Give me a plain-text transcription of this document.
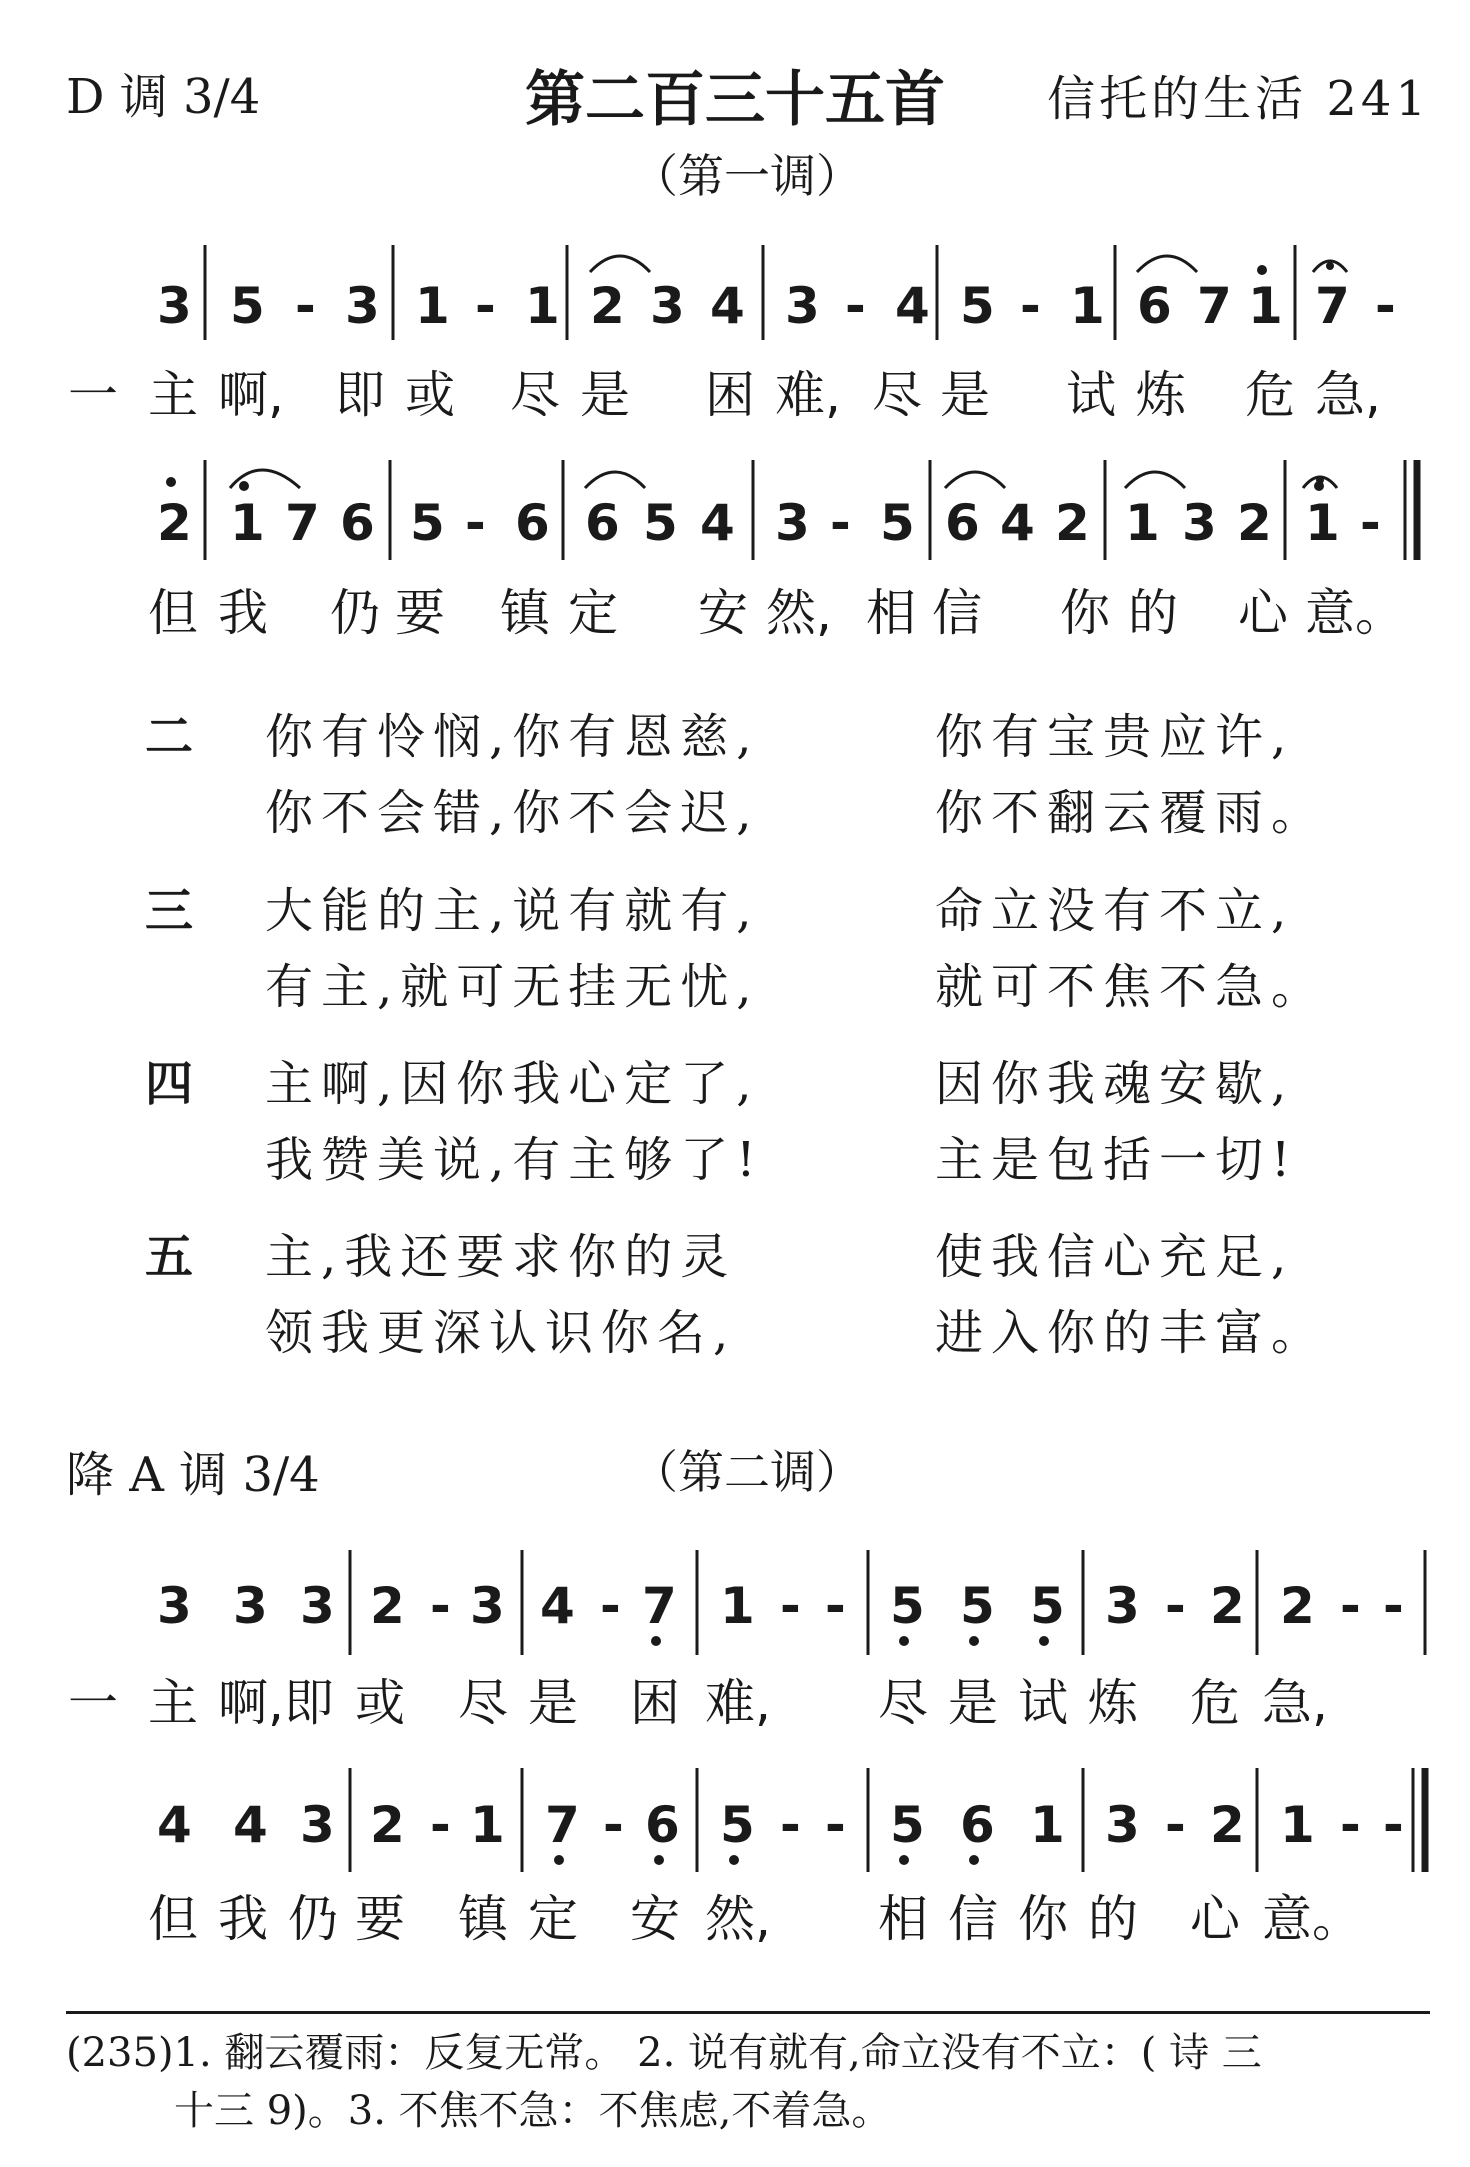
D 调 3/4	第二百三十五首	信托的生活 241
（第一调）
3 5 - 3 1 - 1 2 3 4 3 - 4 5 - 1 6 7 1 7 -
一 主 啊, 即 或 尽 是 困 难, 尽 是 试 炼 危 急,
2 1 7 6 5 - 6 6 5 4 3 - 5 6 4 2 1 3 2 1 -
但 我 仍 要 镇 定 安 然, 相 信 你 的 心 意。
3 3 3 2 - 3 4 - 7 1 - - 5 5 5 3 - 2 2 - -
一 主 啊,即 或 尽 是 困 难, 尽 是 试 炼 危 急,
4 4 3 2 - 1 7 - 6 5 - - 5 6 1 3 - 2 1 - -
但 我 仍 要 镇 定 安 然, 相 信 你 的 心 意。
二 你有怜悯,你有恩慈,	你有宝贵应许,
你不会错,你不会迟,	你不翻云覆雨。
三 大能的主,说有就有,	命立没有不立,
有主,就可无挂无忧,	就可不焦不急。
四 主啊,因你我心定了,	因你我魂安歇,
我赞美说,有主够了!	主是包括一切!
五 主,我还要求你的灵	使我信心充足,
领我更深认识你名,	进入你的丰富。
降 A 调 3/4	（第二调）
(235)1. 翻云覆雨：反复无常。 2. 说有就有,命立没有不立：( 诗 三
十三 9)。3. 不焦不急：不焦虑,不着急。
